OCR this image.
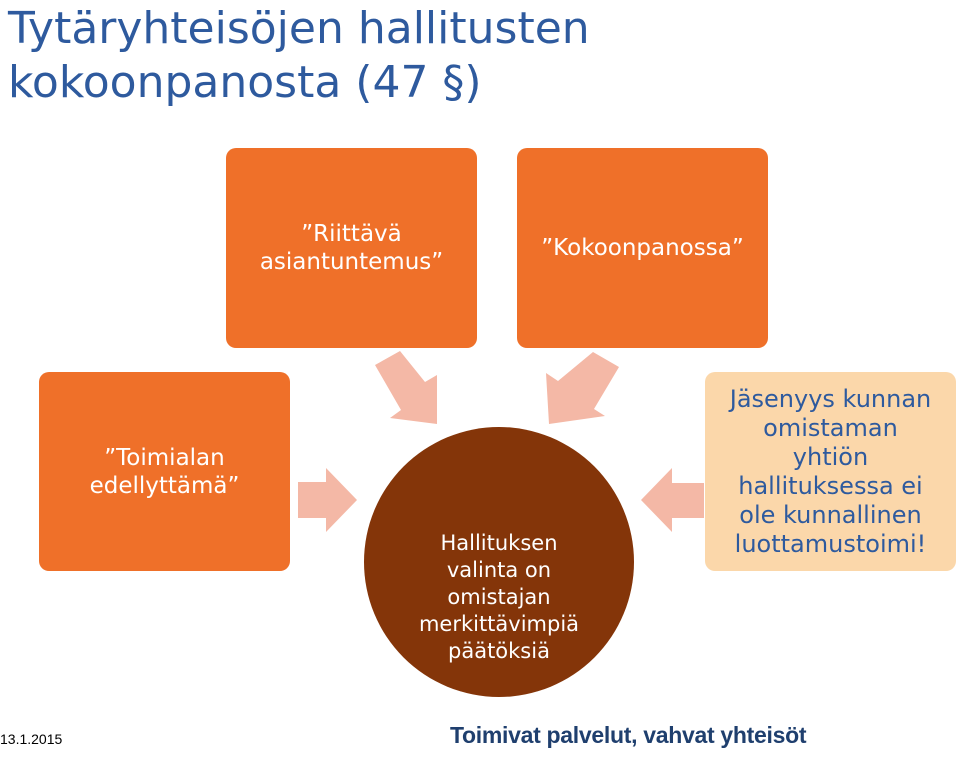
Tytäryhteisöjen hallitusten
kokoonpanosta (47 §)
”Riittävä
asiantuntemus”
”Kokoonpanossa”
”Toimialan
edellyttämä”
Jäsenyys kunnan
omistaman
yhtiön
hallituksessa ei
ole kunnallinen
luottamustoimi!
Hallituksen
valinta on
omistajan
merkittävimpiä
päätöksiä
13.1.2015	Toimivat palvelut, vahvat yhteisöt
